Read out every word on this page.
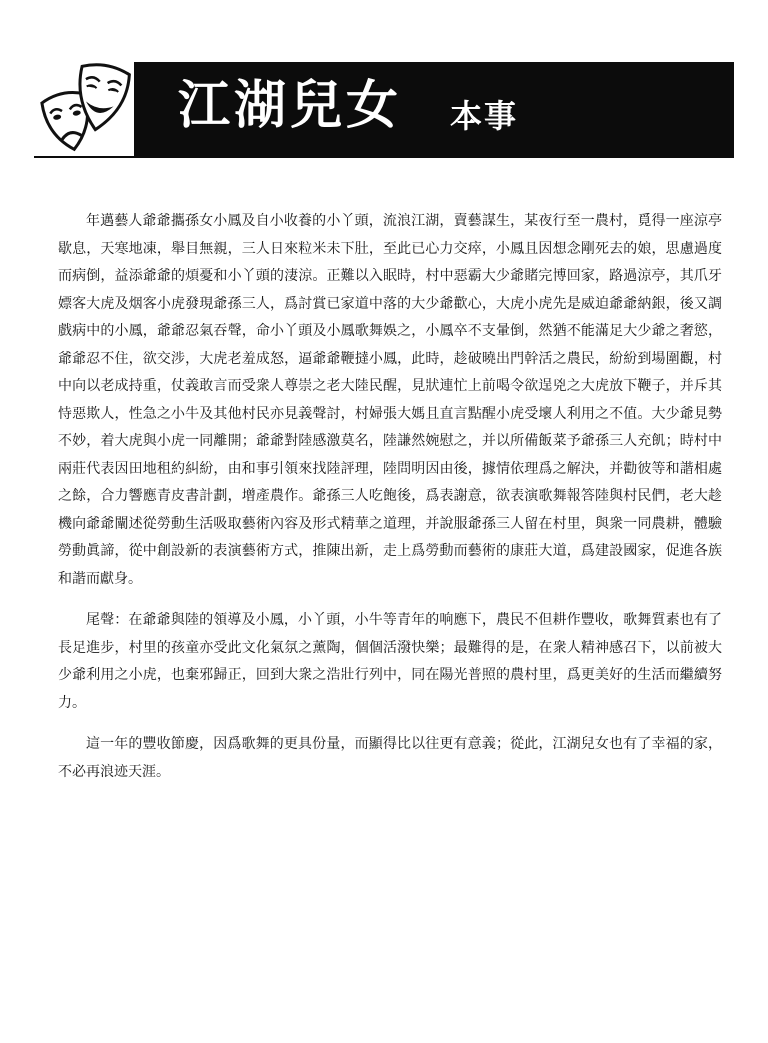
江湖兒女 本事

年邁藝人爺爺攜孫女小鳳及自小收養的小丫頭，流浪江湖，賣藝謀生，某夜行至一農村，覓得一座涼亭歇息，天寒地凍，舉目無親，三人日來粒米未下肚，至此已心力交瘁，小鳳且因想念剛死去的娘，思慮過度而病倒，益添爺爺的煩憂和小丫頭的淒涼。正難以入眠時，村中惡霸大少爺賭完博回家，路過涼亭，其爪牙嫖客大虎及烟客小虎發現爺孫三人，爲討賞已家道中落的大少爺歡心，大虎小虎先是威迫爺爺納銀，後又調戲病中的小鳳，爺爺忍氣吞聲，命小丫頭及小鳳歌舞娛之，小鳳卒不支暈倒，然猶不能滿足大少爺之奢慾，爺爺忍不住，欲交涉，大虎老羞成怒，逼爺爺鞭撻小鳳，此時，趁破曉出門幹活之農民，紛紛到場圍觀，村中向以老成持重，仗義敢言而受衆人尊崇之老大陸民醒，見狀連忙上前喝令欲逞兇之大虎放下鞭子，并斥其恃惡欺人，性急之小牛及其他村民亦見義聲討，村婦張大媽且直言點醒小虎受壞人利用之不值。大少爺見勢不妙，着大虎與小虎一同離開；爺爺對陸感激莫名，陸謙然婉慰之，并以所備飯菜予爺孫三人充飢；時村中兩莊代表因田地租約糾紛，由和事引領來找陸評理，陸問明因由後，據情依理爲之解決，并勸彼等和諧相處之餘，合力響應青皮書計劃，增產農作。爺孫三人吃飽後，爲表謝意，欲表演歌舞報答陸與村民們，老大趁機向爺爺闡述從勞動生活吸取藝術內容及形式精華之道理，并說服爺孫三人留在村里，與衆一同農耕，體驗勞動眞諦，從中創設新的表演藝術方式，推陳出新，走上爲勞動而藝術的康莊大道，爲建設國家，促進各族和諧而獻身。

尾聲：在爺爺與陸的領導及小鳳，小丫頭，小牛等青年的响應下，農民不但耕作豐收，歌舞質素也有了長足進步，村里的孩童亦受此文化氣氛之薰陶，個個活潑快樂；最難得的是，在衆人精神感召下，以前被大少爺利用之小虎，也棄邪歸正，回到大衆之浩壯行列中，同在陽光普照的農村里，爲更美好的生活而繼續努力。

這一年的豐收節慶，因爲歌舞的更具份量，而顯得比以往更有意義；從此，江湖兒女也有了幸福的家，不必再浪迹天涯。
